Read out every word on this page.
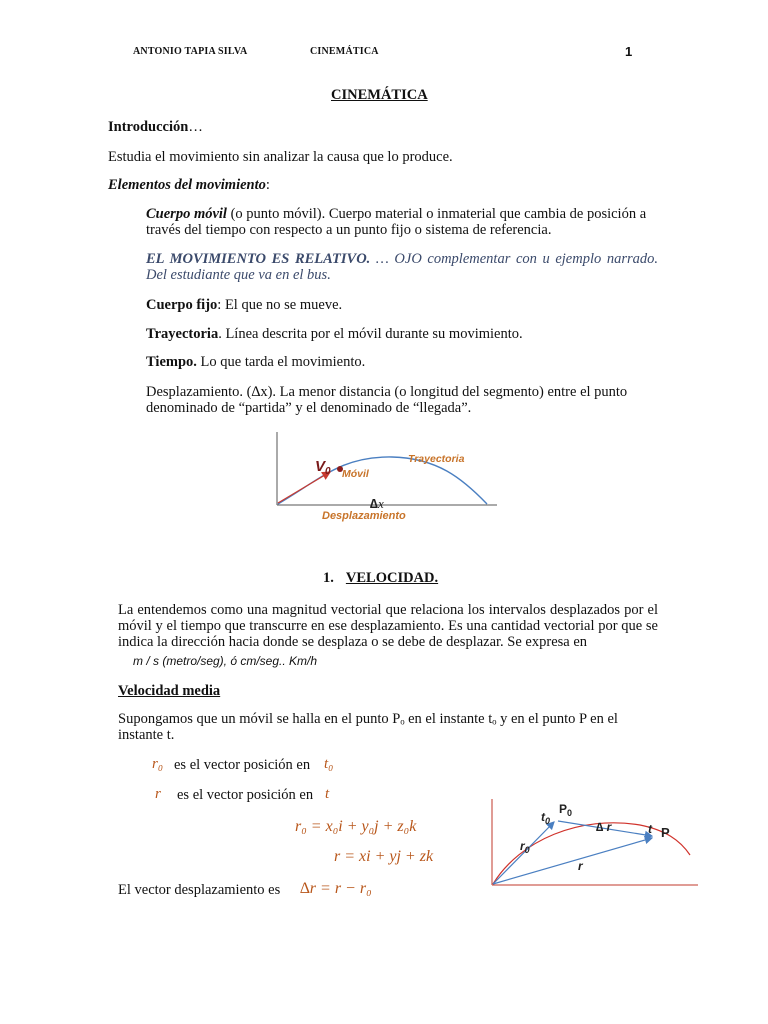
ANTONIO TAPIA SILVA	CINEMÁTICA	1
CINEMÁTICA
Introducción…
Estudia el movimiento sin analizar la causa que lo produce.
Elementos del movimiento:
Cuerpo móvil (o punto móvil). Cuerpo material o inmaterial que cambia de posición a través del tiempo con respecto a un punto fijo o sistema de referencia.
EL MOVIMIENTO ES RELATIVO. … OJO complementar con u ejemplo narrado. Del estudiante que va en el bus.
Cuerpo fijo: El que no se mueve.
Trayectoria. Línea descrita por el móvil durante su movimiento.
Tiempo. Lo que tarda el movimiento.
Desplazamiento. (∆x). La menor distancia (o longitud del segmento) entre el punto denominado de “partida” y el denominado de “llegada”.
$V_0$ Móvil
Trayectoria
∆x
Desplazamiento
1. VELOCIDAD.
La entendemos como una magnitud vectorial que relaciona los intervalos desplazados por el móvil y el tiempo que transcurre en ese desplazamiento. Es una cantidad vectorial por que se indica la dirección hacia donde se desplaza o se debe de desplazar. Se expresa en
m / s (metro/seg), ó cm/seg.. Km/h
Velocidad media
Supongamos que un móvil se halla en el punto Pₒ en el instante tₒ y en el punto P en el instante t.
r₀ es el vector posición en t₀
r es el vector posición en t
r₀ = x₀i + y₀j + z₀k
r = xi + yj + zk
El vector desplazamiento es ∆r = r − r₀
$t_0$
$P_0$
∆ r	t P
$r_0$
r
